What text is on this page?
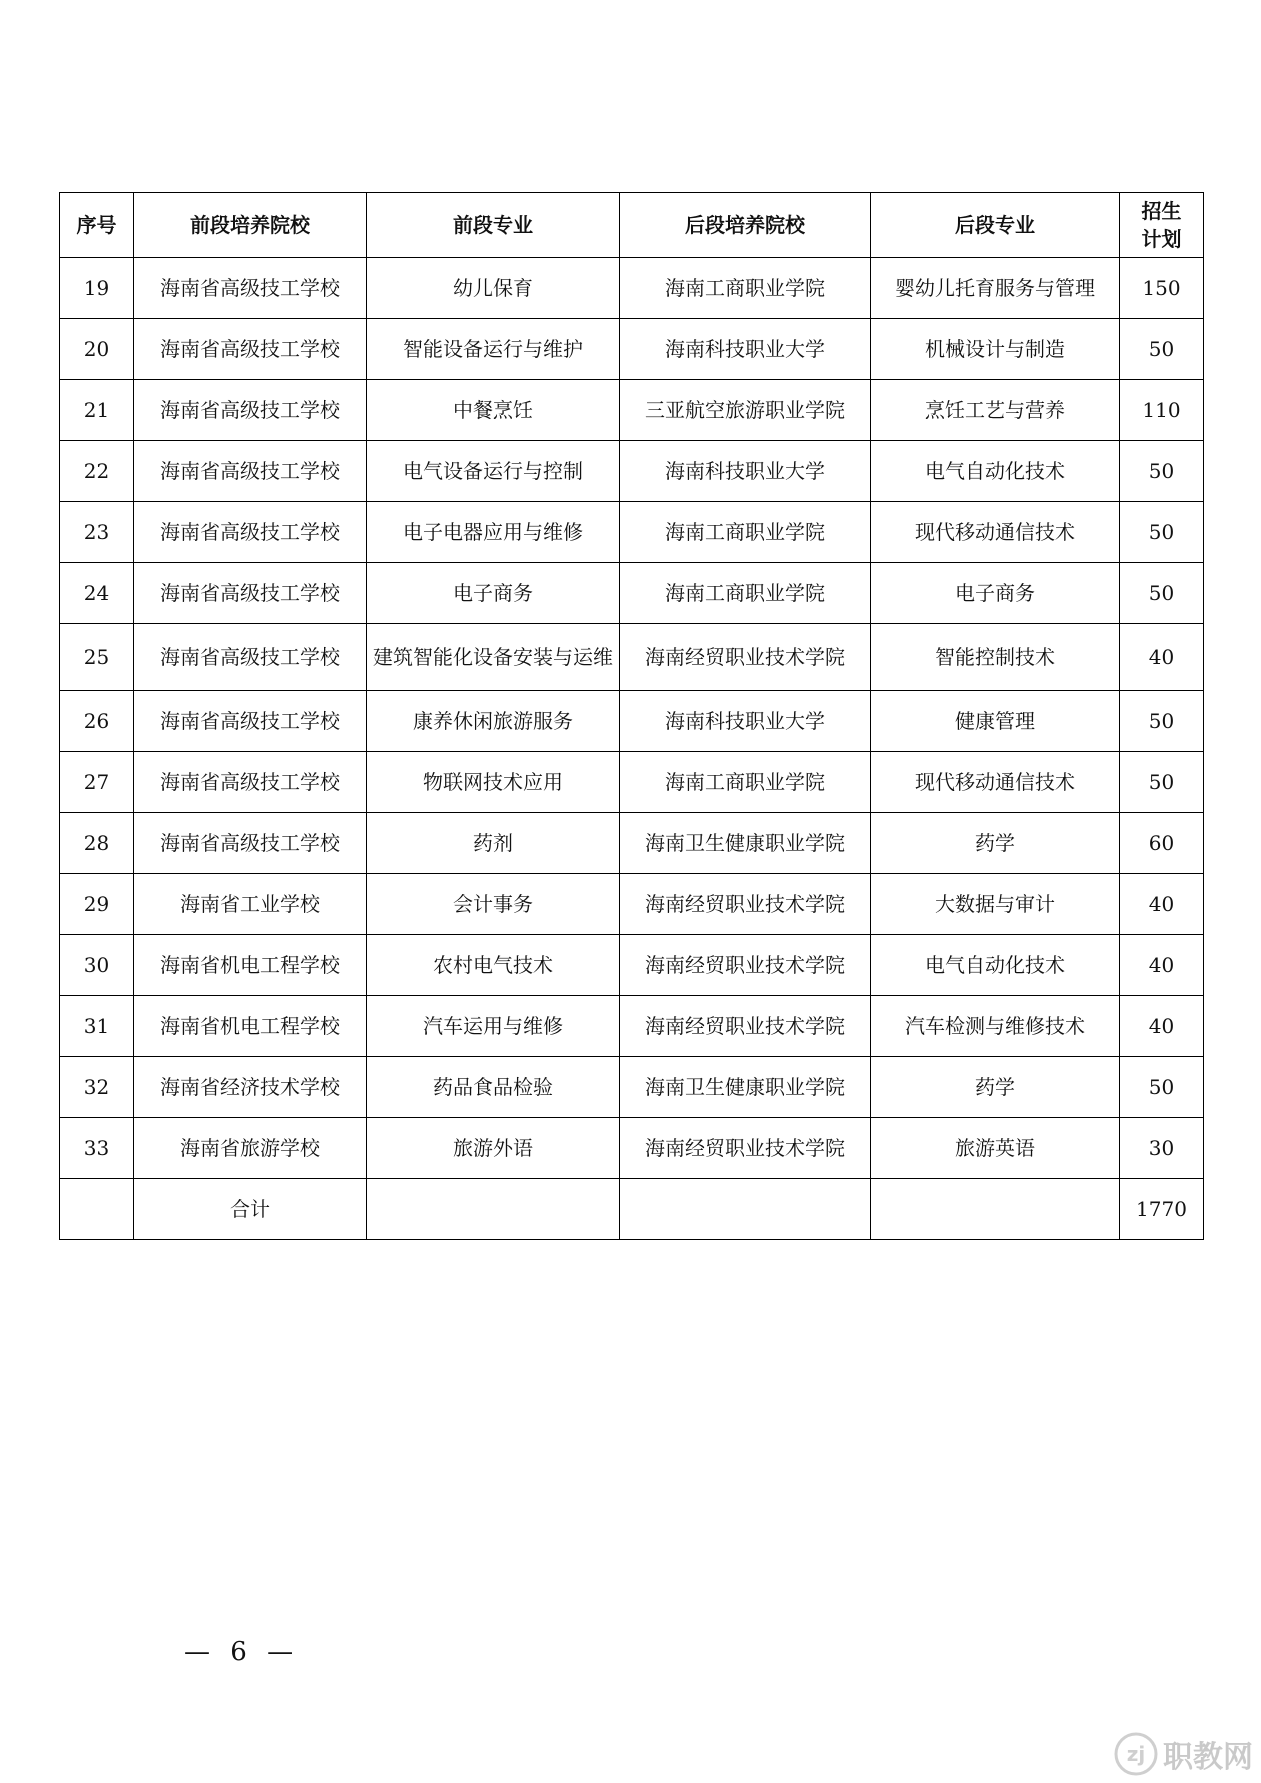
序号	前段培养院校	前段专业	后段培养院校	后段专业	招生
计划
19	海南省高级技工学校	幼儿保育	海南工商职业学院	婴幼儿托育服务与管理	150
20	海南省高级技工学校	智能设备运行与维护	海南科技职业大学	机械设计与制造	50
21	海南省高级技工学校	中餐烹饪	三亚航空旅游职业学院	烹饪工艺与营养	110
22	海南省高级技工学校	电气设备运行与控制	海南科技职业大学	电气自动化技术	50
23	海南省高级技工学校	电子电器应用与维修	海南工商职业学院	现代移动通信技术	50
24	海南省高级技工学校	电子商务	海南工商职业学院	电子商务	50
25	海南省高级技工学校	建筑智能化设备安装与运维	海南经贸职业技术学院	智能控制技术	40
26	海南省高级技工学校	康养休闲旅游服务	海南科技职业大学	健康管理	50
27	海南省高级技工学校	物联网技术应用	海南工商职业学院	现代移动通信技术	50
28	海南省高级技工学校	药剂	海南卫生健康职业学院	药学	60
29	海南省工业学校	会计事务	海南经贸职业技术学院	大数据与审计	40
30	海南省机电工程学校	农村电气技术	海南经贸职业技术学院	电气自动化技术	40
31	海南省机电工程学校	汽车运用与维修	海南经贸职业技术学院	汽车检测与维修技术	40
32	海南省经济技术学校	药品食品检验	海南卫生健康职业学院	药学	50
33	海南省旅游学校	旅游外语	海南经贸职业技术学院	旅游英语	30
	合计				1770
— 6 —
zj 职教网
